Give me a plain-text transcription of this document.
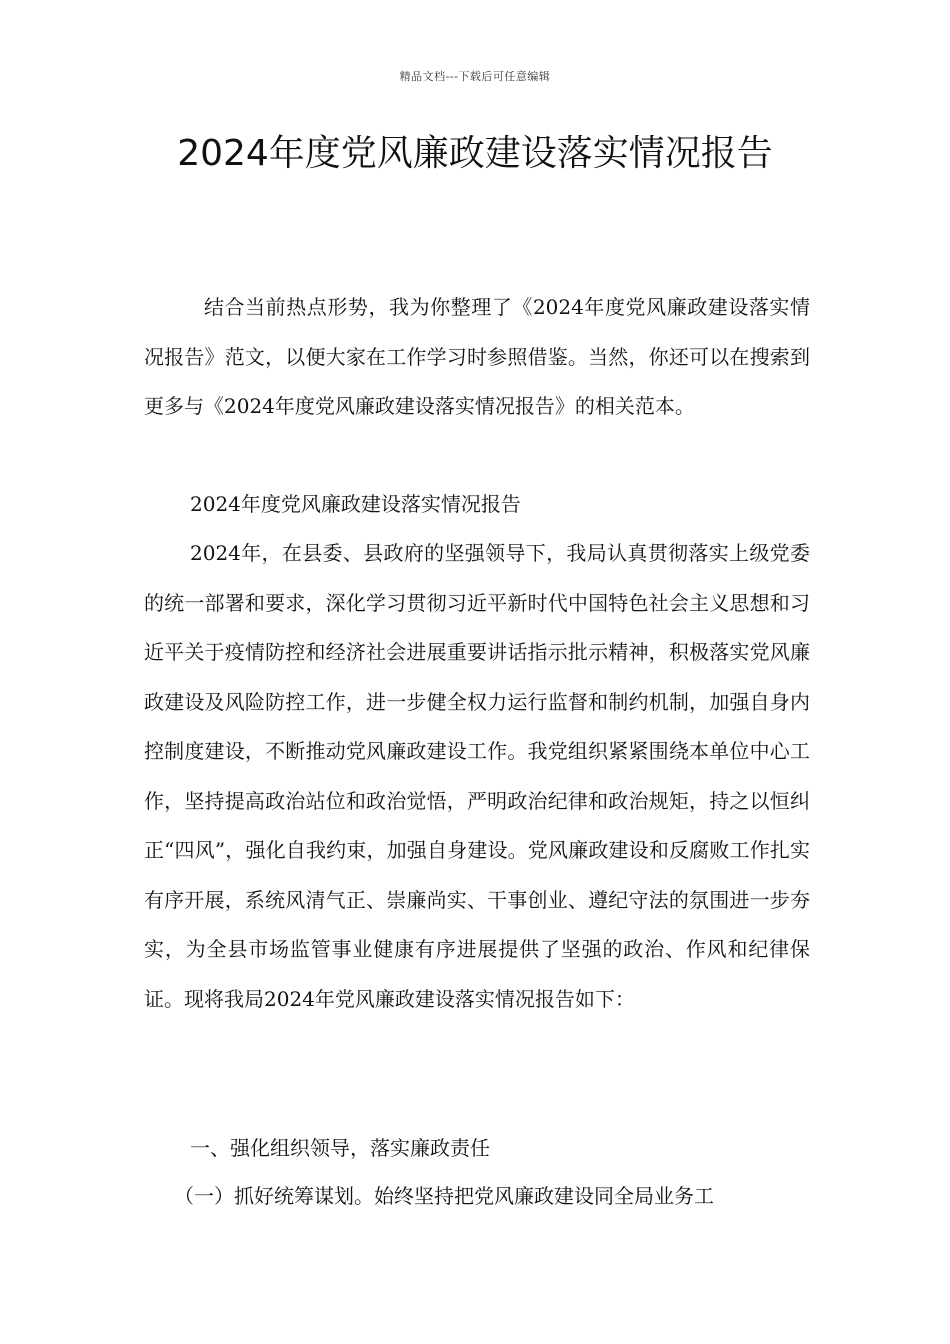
精品文档---下载后可任意编辑
2024年度党风廉政建设落实情况报告

结合当前热点形势，我为你整理了《2024年度党风廉政建设落实情况报告》范文，以便大家在工作学习时参照借鉴。当然，你还可以在搜索到更多与《2024年度党风廉政建设落实情况报告》的相关范本。

2024年度党风廉政建设落实情况报告

2024年，在县委、县政府的坚强领导下，我局认真贯彻落实上级党委的统一部署和要求，深化学习贯彻习近平新时代中国特色社会主义思想和习近平关于疫情防控和经济社会进展重要讲话指示批示精神，积极落实党风廉政建设及风险防控工作，进一步健全权力运行监督和制约机制，加强自身内控制度建设，不断推动党风廉政建设工作。我党组织紧紧围绕本单位中心工作，坚持提高政治站位和政治觉悟，严明政治纪律和政治规矩，持之以恒纠正“四风”，强化自我约束，加强自身建设。党风廉政建设和反腐败工作扎实有序开展，系统风清气正、崇廉尚实、干事创业、遵纪守法的氛围进一步夯实，为全县市场监管事业健康有序进展提供了坚强的政治、作风和纪律保证。现将我局2024年党风廉政建设落实情况报告如下：

一、强化组织领导，落实廉政责任

（一）抓好统筹谋划。始终坚持把党风廉政建设同全局业务工
